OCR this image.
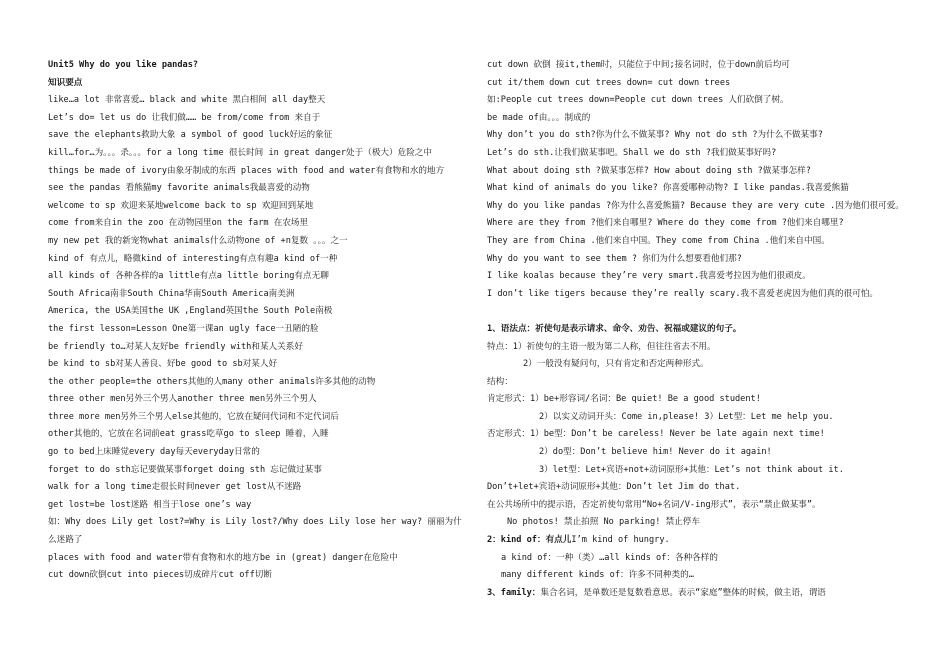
Unit5 Why do you like pandas?
知识要点
like…a lot 非常喜爱… black and white 黑白相间 all day整天
Let’s do= let us do 让我们做…… be from/come from 来自于
save the elephants救助大象 a symbol of good luck好运的象征
kill…for…为。。。杀。。。for a long time 很长时间 in great danger处于（极大）危险之中
things be made of ivory由象牙制成的东西 places with food and water有食物和水的地方
see the pandas 看熊猫my favorite animals我最喜爱的动物
welcome to sp 欢迎来某地welcome back to sp 欢迎回到某地
come from来自in the zoo 在动物园里on the farm 在农场里
my new pet 我的新宠物what animals什么动物one of +n复数 。。。之一
kind of 有点儿，略微kind of interesting有点有趣a kind of一种
all kinds of 各种各样的a little有点a little boring有点无聊
South Africa南非South China华南South America南美洲
America, the USA美国the UK ,England英国the South Pole南极
the first lesson=Lesson One第一课an ugly face一丑陋的脸
be friendly to…对某人友好be friendly with和某人关系好
be kind to sb对某人善良、好be good to sb对某人好
the other people=the others其他的人many other animals许多其他的动物
three other men另外三个男人another three men另外三个男人
three more men另外三个男人else其他的，它放在疑问代词和不定代词后
other其他的，它放在名词前eat grass吃草go to sleep 睡着，入睡
go to bed上床睡觉every day每天everyday日常的
forget to do sth忘记要做某事forget doing sth 忘记做过某事
walk for a long time走很长时间never get lost从不迷路
get lost=be lost迷路 相当于lose one’s way
如：Why does Lily get lost?=Why is Lily lost?/Why does Lily lose her way? 丽丽为什么迷路了
places with food and water带有食物和水的地方be in (great) danger在危险中
cut down砍倒cut into pieces切成碎片cut off切断
cut down 砍倒 接it,them时，只能位于中间;接名词时，位于down前后均可
cut it/them down cut trees down= cut down trees
如:People cut trees down=People cut down trees 人们砍倒了树。
be made of由。。。制成的
Why don’t you do sth?你为什么不做某事? Why not do sth ?为什么不做某事?
Let’s do sth.让我们做某事吧。Shall we do sth ?我们做某事好吗?
What about doing sth ?做某事怎样? How about doing sth ?做某事怎样?
What kind of animals do you like? 你喜爱哪种动物? I like pandas.我喜爱熊猫
Why do you like pandas ?你为什么喜爱熊猫? Because they are very cute .因为他们很可爱。
Where are they from ?他们来自哪里? Where do they come from ?他们来自哪里?
They are from China .他们来自中国。They come from China .他们来自中国。
Why do you want to see them ? 你们为什么想要看他们那?
I like koalas because they’re very smart.我喜爱考拉因为他们很顽皮。
I don’t like tigers because they’re really scary.我不喜爱老虎因为他们真的很可怕。
1、语法点：祈使句是表示请求、命令、劝告、祝福或建议的句子。
特点：1）祈使句的主语一般为第二人称，但往往省去不用。
2）一般没有疑问句，只有肯定和否定两种形式。
结构：
肯定形式：1）be+形容词/名词：Be quiet! Be a good student!
2）以实义动词开头：Come in,please! 3）Let型：Let me help you.
否定形式：1）be型：Don’t be careless! Never be late again next time!
2）do型：Don’t believe him! Never do it again!
3）let型：Let+宾语+not+动词原形+其他：Let’s not think about it.
Don’t+let+宾语+动词原形+其他：Don’t let Jim do that.
在公共场所中的提示语，否定祈使句常用“No+名词/V-ing形式”，表示“禁止做某事”。
No photos! 禁止拍照 No parking! 禁止停车
2：kind of：有点儿I’m kind of hungry.
a kind of：一种（类）…all kinds of：各种各样的
many different kinds of：许多不同种类的…
3、family：集合名词，是单数还是复数看意思。表示“家庭”整体的时候，做主语，谓语
